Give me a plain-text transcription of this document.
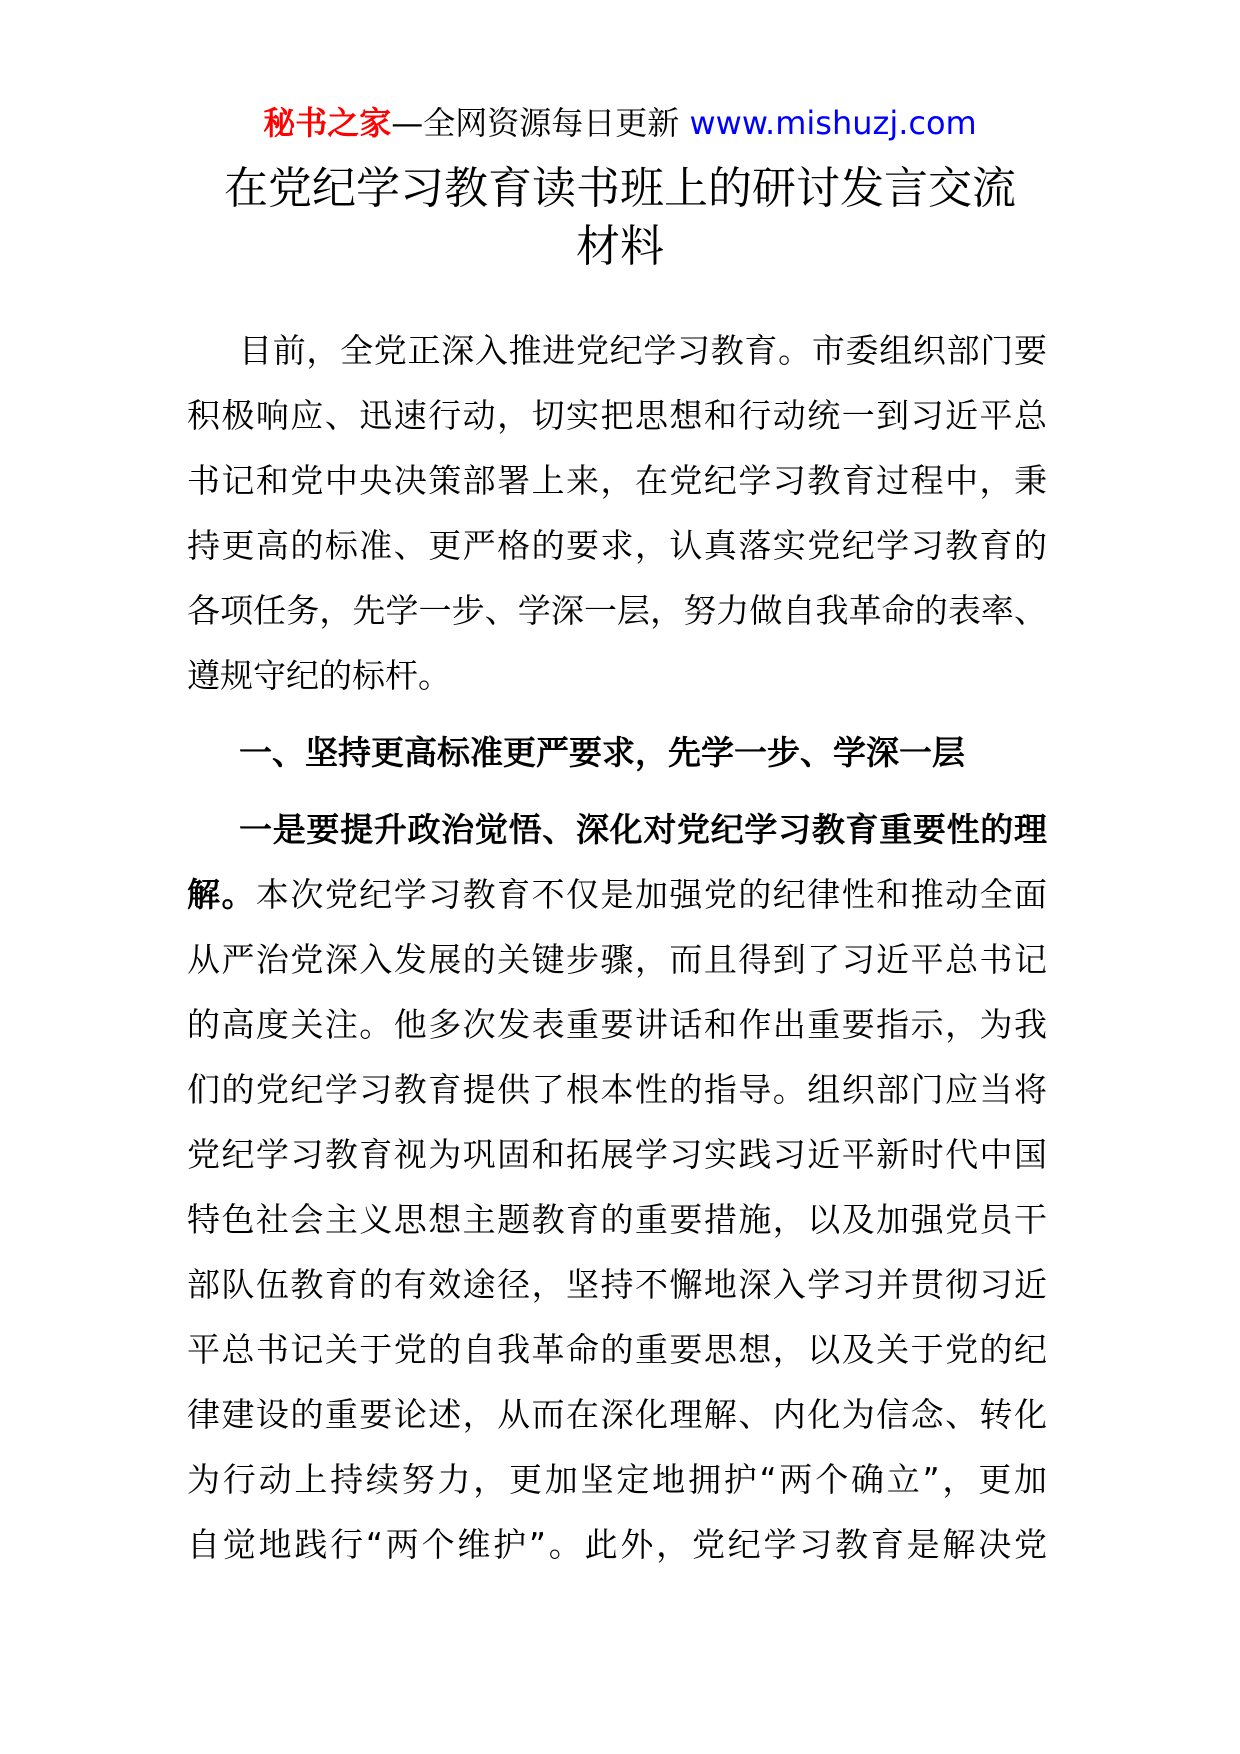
秘书之家—全网资源每日更新 www.mishuzj.com
在党纪学习教育读书班上的研讨发言交流
材料
目前，全党正深入推进党纪学习教育。市委组织部门要
积极响应、迅速行动，切实把思想和行动统一到习近平总
书记和党中央决策部署上来，在党纪学习教育过程中，秉
持更高的标准、更严格的要求，认真落实党纪学习教育的
各项任务，先学一步、学深一层，努力做自我革命的表率、
遵规守纪的标杆。
一、坚持更高标准更严要求，先学一步、学深一层
一是要提升政治觉悟、深化对党纪学习教育重要性的理
解。本次党纪学习教育不仅是加强党的纪律性和推动全面
从严治党深入发展的关键步骤，而且得到了习近平总书记
的高度关注。他多次发表重要讲话和作出重要指示，为我
们的党纪学习教育提供了根本性的指导。组织部门应当将
党纪学习教育视为巩固和拓展学习实践习近平新时代中国
特色社会主义思想主题教育的重要措施，以及加强党员干
部队伍教育的有效途径，坚持不懈地深入学习并贯彻习近
平总书记关于党的自我革命的重要思想，以及关于党的纪
律建设的重要论述，从而在深化理解、内化为信念、转化
为行动上持续努力，更加坚定地拥护“两个确立”，更加
自觉地践行“两个维护”。此外，党纪学习教育是解决党
